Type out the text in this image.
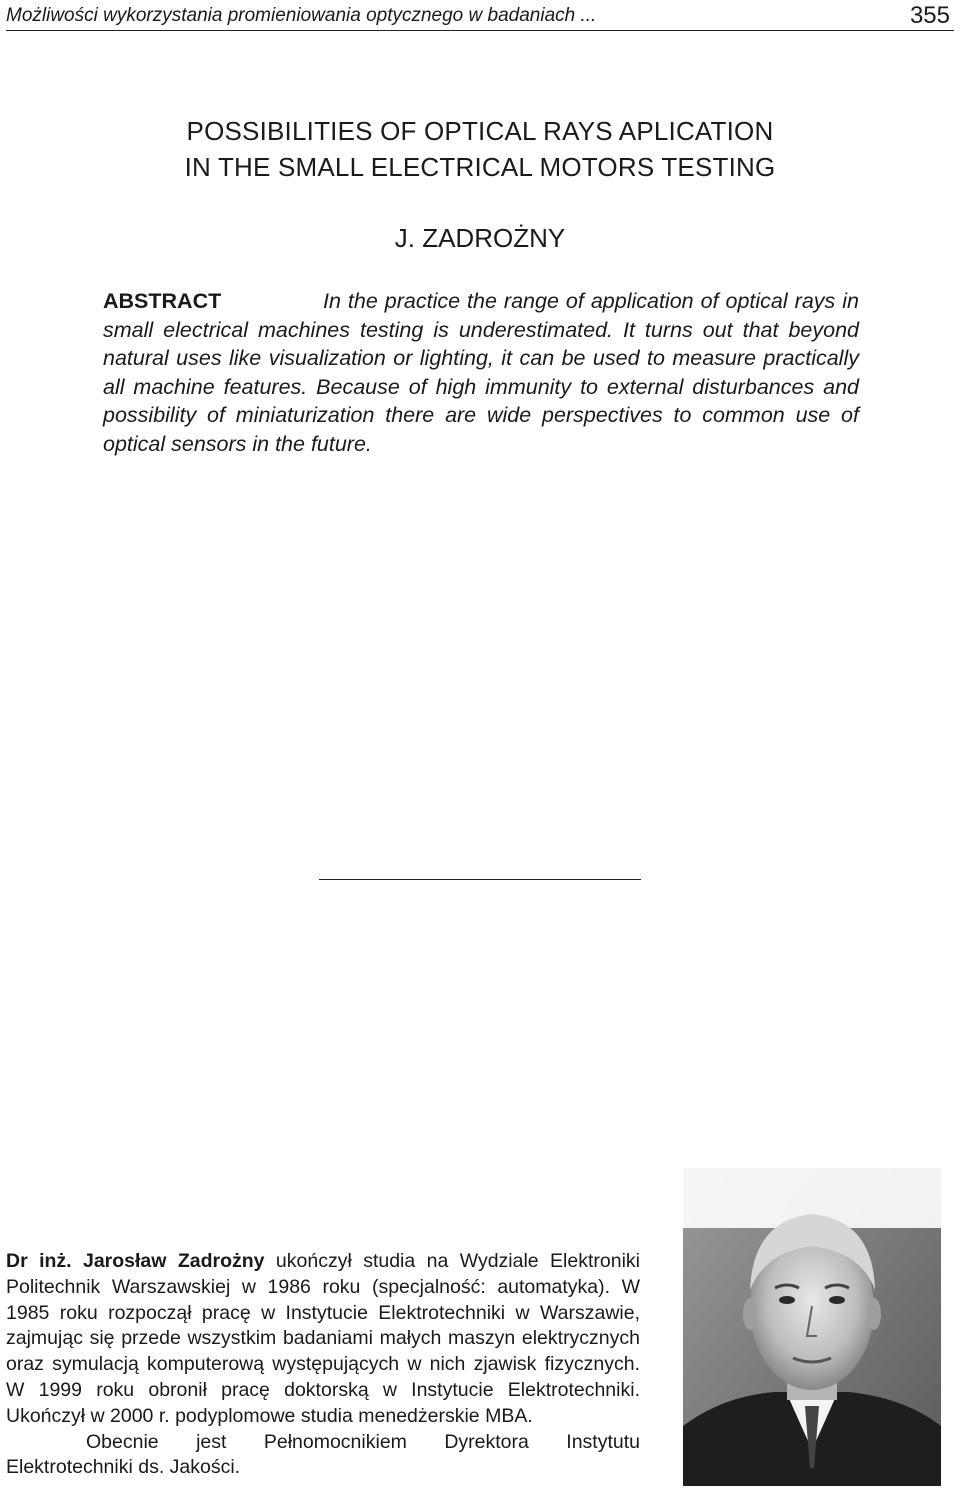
Możliwości wykorzystania promieniowania optycznego w badaniach ...	355
POSSIBILITIES OF OPTICAL RAYS APLICATION
IN THE SMALL ELECTRICAL MOTORS TESTING
J. ZADROŻNY

ABSTRACT	In the practice the range of application of optical rays in small electrical machines testing is underestimated. It turns out that beyond natural uses like visualization or lighting, it can be used to measure practically all machine features. Because of high immunity to external disturbances and possibility of miniaturization there are wide perspectives to common use of optical sensors in the future.

Dr inż. Jarosław Zadrożny ukończył studia na Wydziale Elektroniki Politechnik Warszawskiej w 1986 roku (specjalność: automatyka). W 1985 roku rozpoczął pracę w Instytucie Elektrotechniki w Warszawie, zajmując się przede wszystkim badaniami małych maszyn elektrycznych oraz symulacją komputerową występujących w nich zjawisk fizycznych. W 1999 roku obronił pracę doktorską w Instytucie Elektrotechniki. Ukończył w 2000 r. podyplomowe studia menedżerskie MBA.
Obecnie jest Pełnomocnikiem Dyrektora Instytutu Elektrotechniki ds. Jakości.
